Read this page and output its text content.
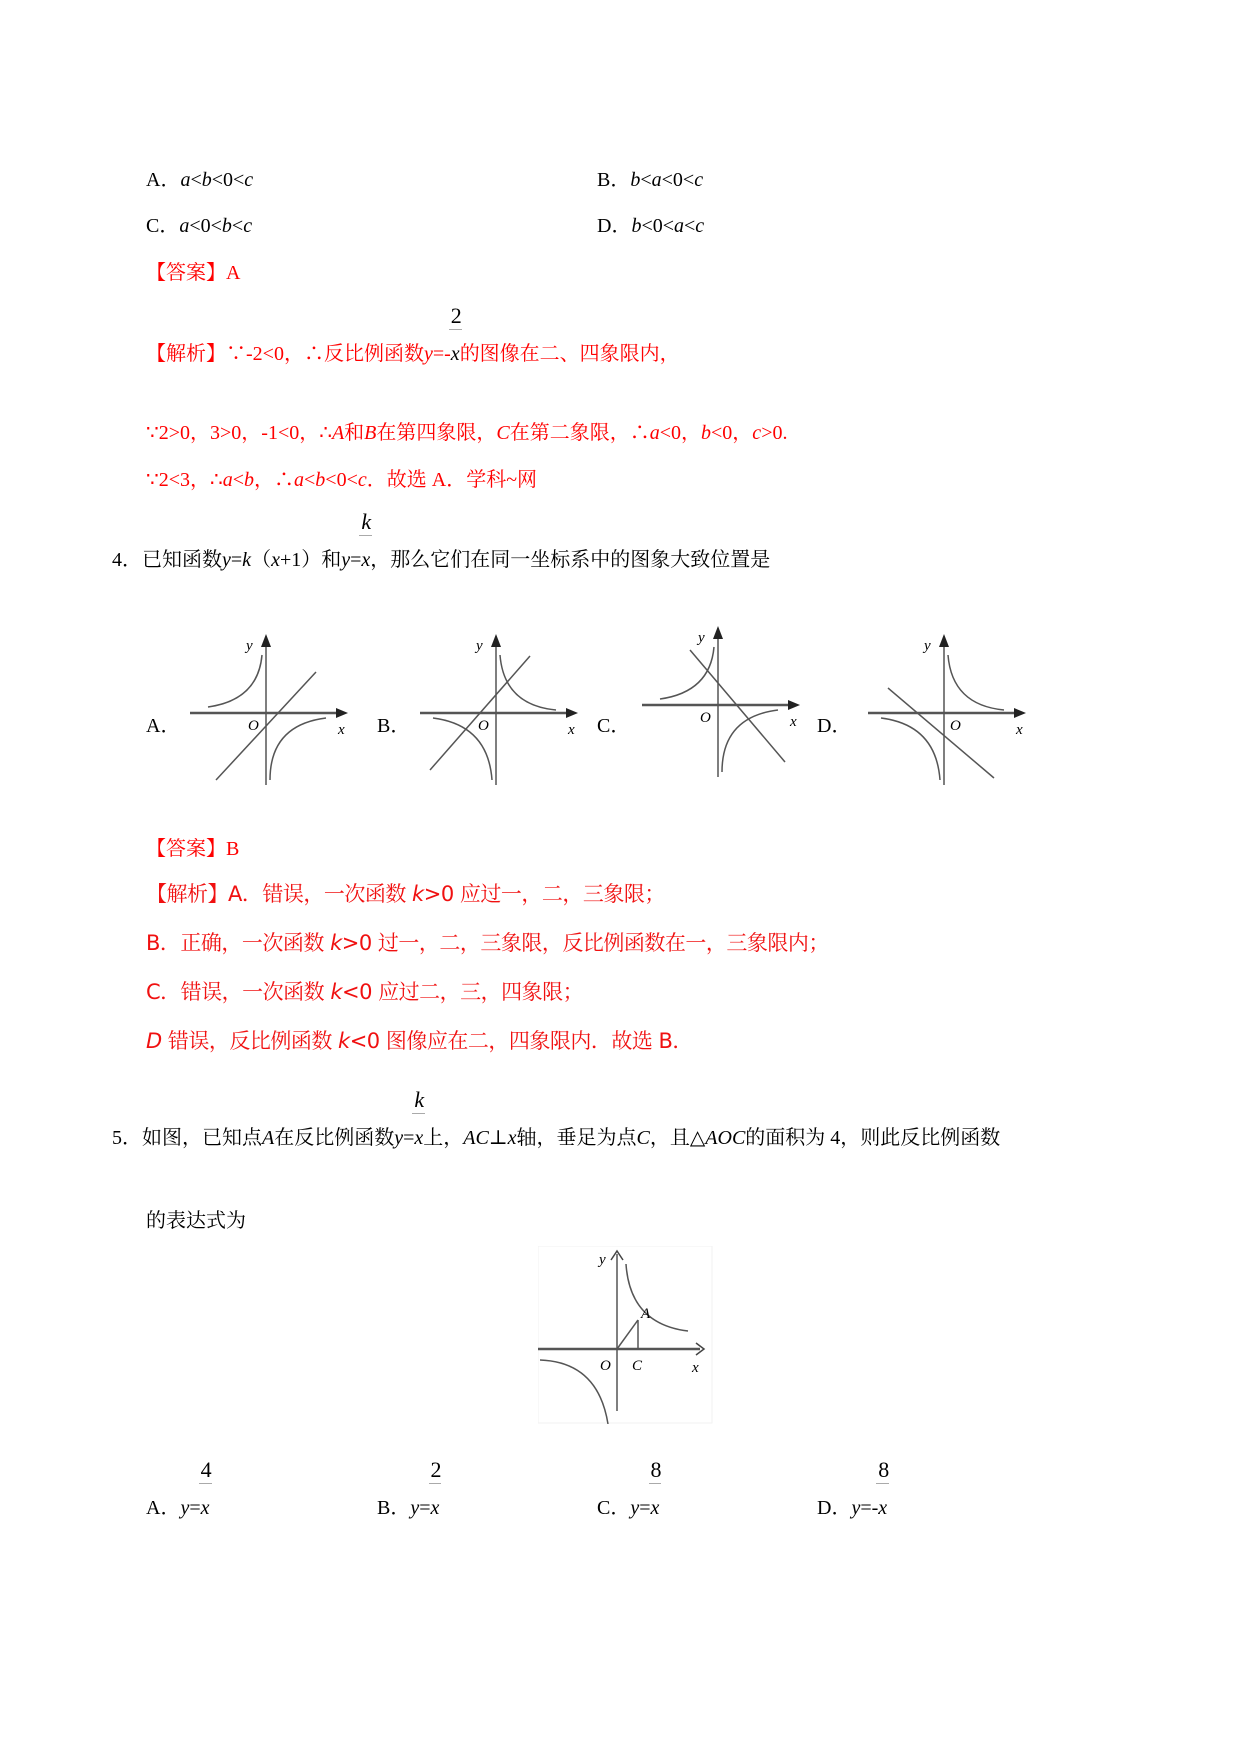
A．a<b<0<c	B．b<a<0<c
C．a<0<b<c	D．b<0<a<c
【答案】A
【解析】∵-2<0，∴反比例函数$y=- \frac{2}{x}$的图像在二、四象限内，
∵2>0，3>0，-1<0，∴A和B在第四象限，C在第二象限，∴a<0，b<0，c>0.
∵2<3，∴a<b，∴a<b<0<c．故选 A．学科~网
4．已知函数y=k（x+1）和$y= \frac{k}{x}$，那么它们在同一坐标系中的图象大致位置是
A．	B．	C．	D．
y
O	x
y
O	x
y
O	x
y
O	x
【答案】B
【解析】A．错误，一次函数 k>0 应过一，二，三象限；
B．正确，一次函数 k>0 过一，二，三象限，反比例函数在一，三象限内；
C．错误，一次函数 k<0 应过二，三，四象限；
D 错误，反比例函数 k<0 图像应在二，四象限内．故选 B．
5．如图，已知点A在反比例函数$y= \frac{k}{x}$上，AC⊥x轴，垂足为点C，且△AOC的面积为 4，则此反比例函数
的表达式为
y
O C	x
A
A．$y= \frac{4}{x}$	B．$y= \frac{2}{x}$	C．$y= \frac{8}{x}$	D．$y=- \frac{8}{x}$
